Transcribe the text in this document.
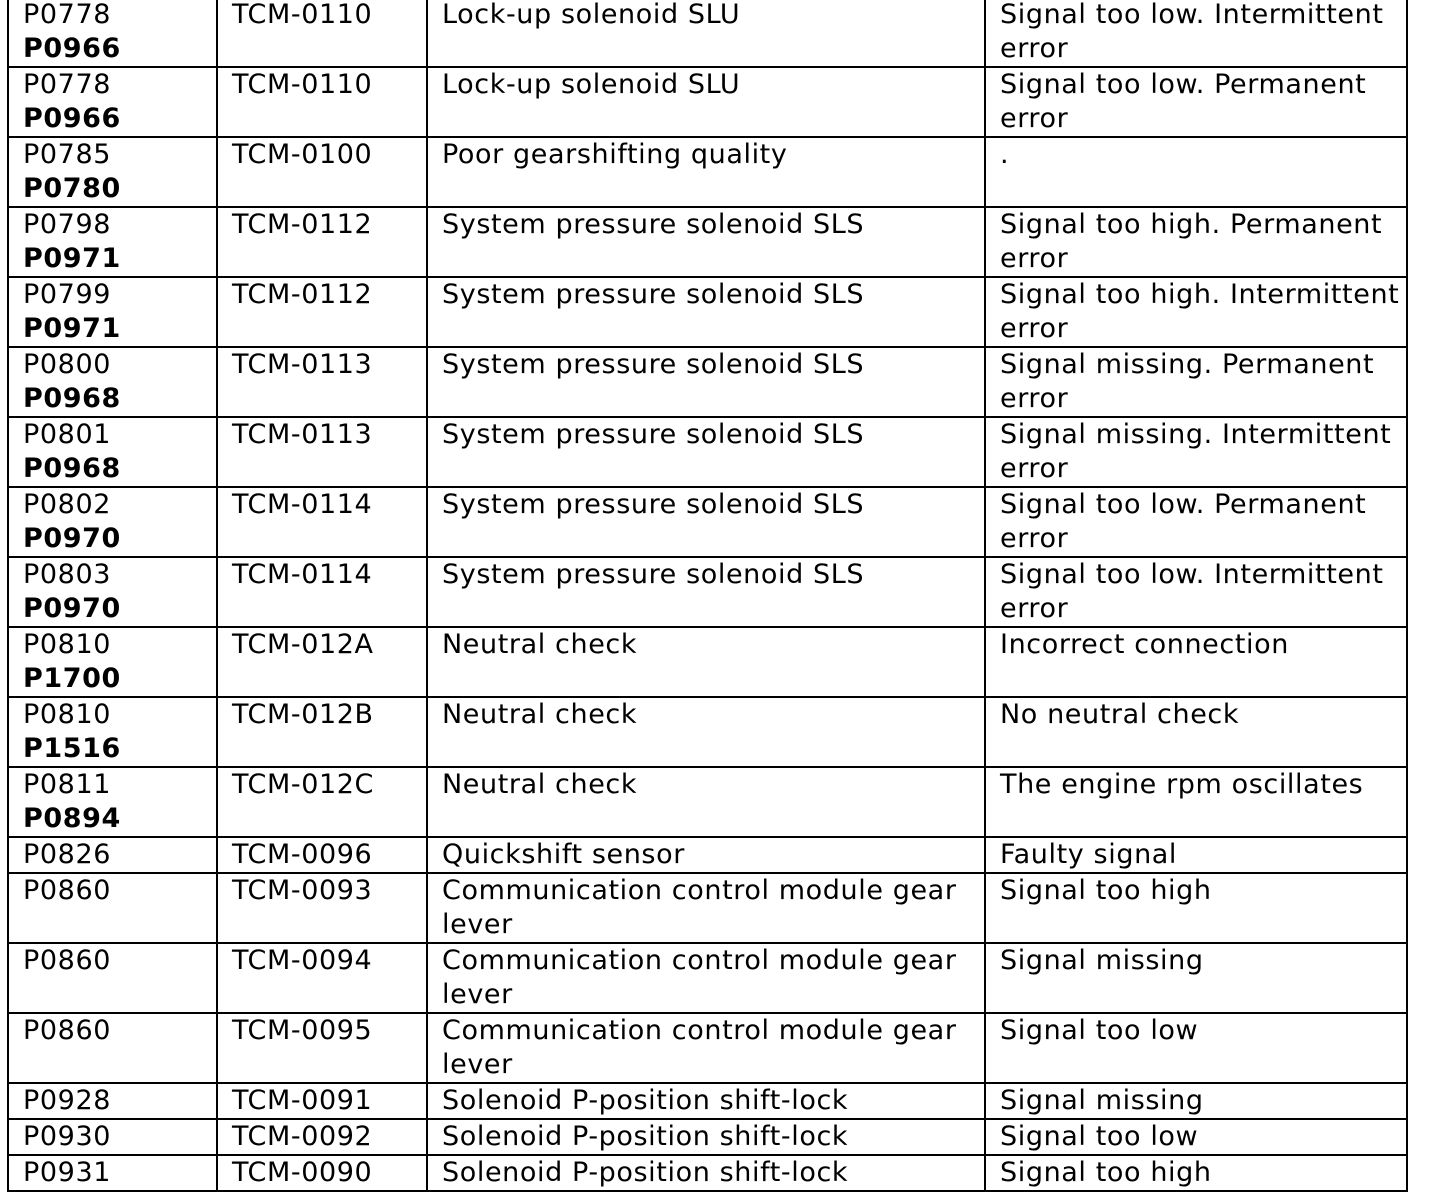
P0778
P0966	TCM-0110	Lock-up solenoid SLU	Signal too low. Intermittent error

P0778
P0966	TCM-0110	Lock-up solenoid SLU	Signal too low. Permanent error

P0785
P0780	TCM-0100	Poor gearshifting quality	.

P0798
P0971	TCM-0112	System pressure solenoid SLS	Signal too high. Permanent error

P0799
P0971	TCM-0112	System pressure solenoid SLS	Signal too high. Intermittent error

P0800
P0968	TCM-0113	System pressure solenoid SLS	Signal missing. Permanent error

P0801
P0968	TCM-0113	System pressure solenoid SLS	Signal missing. Intermittent error

P0802
P0970	TCM-0114	System pressure solenoid SLS	Signal too low. Permanent error

P0803
P0970	TCM-0114	System pressure solenoid SLS	Signal too low. Intermittent error

P0810
P1700	TCM-012A	Neutral check	Incorrect connection

P0810
P1516	TCM-012B	Neutral check	No neutral check

P0811
P0894	TCM-012C	Neutral check	The engine rpm oscillates
P0826	TCM-0096	Quickshift sensor	Faulty signal
P0860	TCM-0093	Communication control module gear lever	Signal too high
P0860	TCM-0094	Communication control module gear lever	Signal missing
P0860	TCM-0095	Communication control module gear lever	Signal too low
P0928	TCM-0091	Solenoid P-position shift-lock	Signal missing
P0930	TCM-0092	Solenoid P-position shift-lock	Signal too low
P0931	TCM-0090	Solenoid P-position shift-lock	Signal too high
